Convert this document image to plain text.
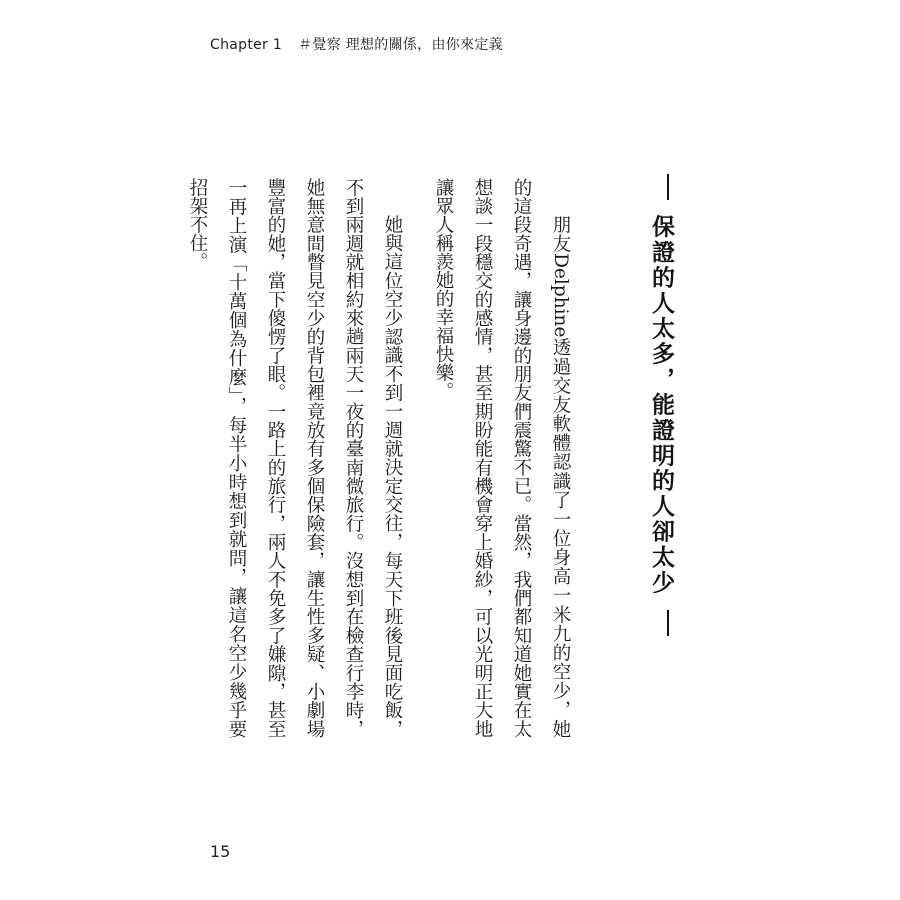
Chapter 1 ＃覺察 理想的關係，由你來定義
保證的人太多，能證明的人卻太少

朋友Delphine透過交友軟體認識了一位身高一米九的空少，她的這段奇遇，讓身邊的朋友們震驚不已。當然，我們都知道她實在太想談一段穩交的感情，甚至期盼能有機會穿上婚紗，可以光明正大地讓眾人稱羨她的幸福快樂。

她與這位空少認識不到一週就決定交往，每天下班後見面吃飯，不到兩週就相約來趟兩天一夜的臺南微旅行。沒想到在檢查行李時，她無意間瞥見空少的背包裡竟放有多個保險套，讓生性多疑、小劇場豐富的她，當下傻愣了眼。一路上的旅行，兩人不免多了嫌隙，甚至一再上演「十萬個為什麼」，每半小時想到就問，讓這名空少幾乎要招架不住。

15
